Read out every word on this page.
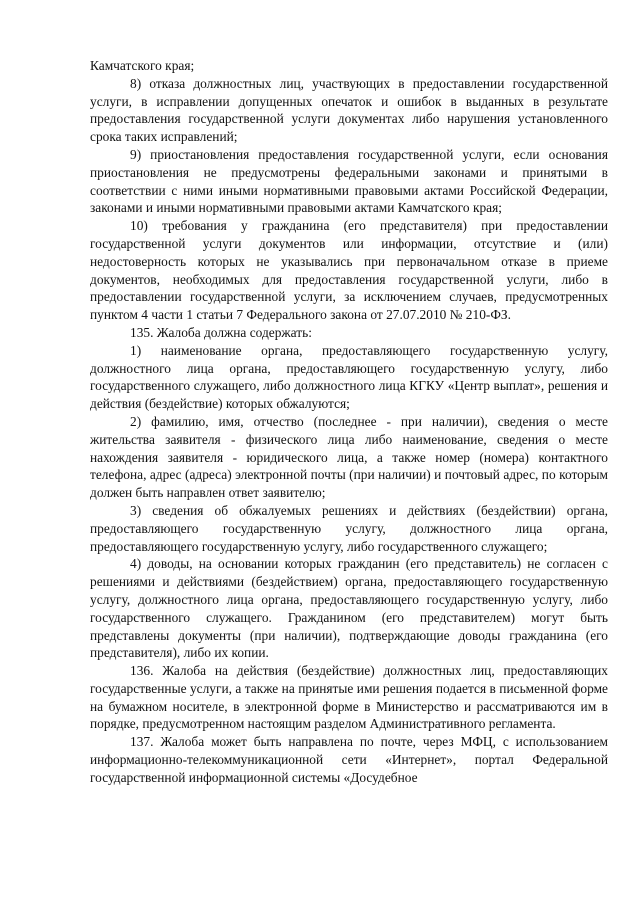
Камчатского края;

8) отказа должностных лиц, участвующих в предоставлении государственной услуги, в исправлении допущенных опечаток и ошибок в выданных в результате предоставления государственной услуги документах либо нарушения установленного срока таких исправлений;

9) приостановления предоставления государственной услуги, если основания приостановления не предусмотрены федеральными законами и принятыми в соответствии с ними иными нормативными правовыми актами Российской Федерации, законами и иными нормативными правовыми актами Камчатского края;

10) требования у гражданина (его представителя) при предоставлении государственной услуги документов или информации, отсутствие и (или) недостоверность которых не указывались при первоначальном отказе в приеме документов, необходимых для предоставления государственной услуги, либо в предоставлении государственной услуги, за исключением случаев, предусмотренных пунктом 4 части 1 статьи 7 Федерального закона от 27.07.2010 № 210-ФЗ.

135. Жалоба должна содержать:

1) наименование органа, предоставляющего государственную услугу, должностного лица органа, предоставляющего государственную услугу, либо государственного служащего, либо должностного лица КГКУ «Центр выплат», решения и действия (бездействие) которых обжалуются;

2) фамилию, имя, отчество (последнее - при наличии), сведения о месте жительства заявителя - физического лица либо наименование, сведения о месте нахождения заявителя - юридического лица, а также номер (номера) контактного телефона, адрес (адреса) электронной почты (при наличии) и почтовый адрес, по которым должен быть направлен ответ заявителю;

3) сведения об обжалуемых решениях и действиях (бездействии) органа, предоставляющего государственную услугу, должностного лица органа, предоставляющего государственную услугу, либо государственного служащего;

4) доводы, на основании которых гражданин (его представитель) не согласен с решениями и действиями (бездействием) органа, предоставляющего государственную услугу, должностного лица органа, предоставляющего государственную услугу, либо государственного служащего. Гражданином (его представителем) могут быть представлены документы (при наличии), подтверждающие доводы гражданина (его представителя), либо их копии.

136. Жалоба на действия (бездействие) должностных лиц, предоставляющих государственные услуги, а также на принятые ими решения подается в письменной форме на бумажном носителе, в электронной форме в Министерство и рассматриваются им в порядке, предусмотренном настоящим разделом Административного регламента.

137. Жалоба может быть направлена по почте, через МФЦ, с использованием информационно-телекоммуникационной сети «Интернет», портал Федеральной государственной информационной системы «Досудебное
